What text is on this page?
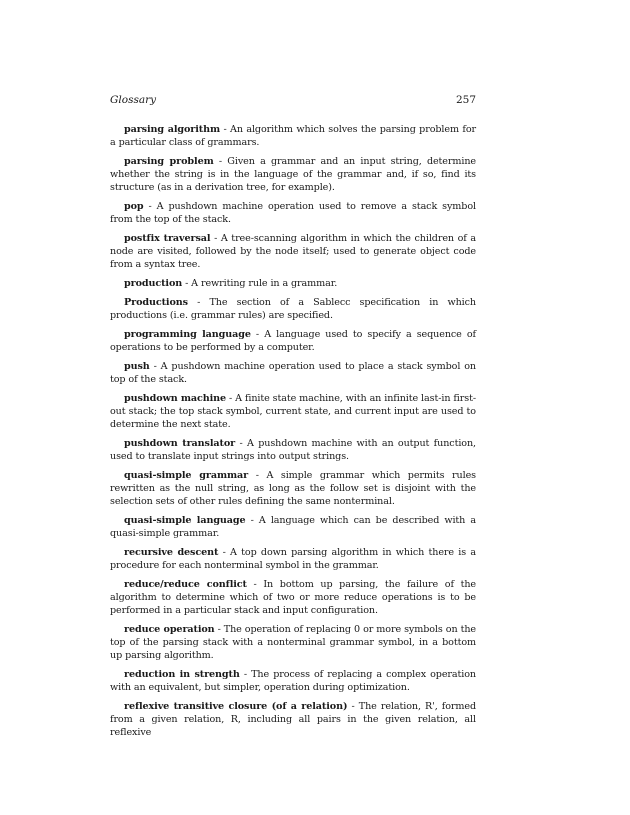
Glossary	257

parsing algorithm - An algorithm which solves the parsing problem for a particular class of grammars.

parsing problem - Given a grammar and an input string, determine whether the string is in the language of the grammar and, if so, find its structure (as in a derivation tree, for example).

pop - A pushdown machine operation used to remove a stack symbol from the top of the stack.

postfix traversal - A tree-scanning algorithm in which the children of a node are visited, followed by the node itself; used to generate object code from a syntax tree.

production - A rewriting rule in a grammar.

Productions - The section of a Sablecc specification in which productions (i.e. grammar rules) are specified.

programming language - A language used to specify a sequence of operations to be performed by a computer.

push - A pushdown machine operation used to place a stack symbol on top of the stack.

pushdown machine - A finite state machine, with an infinite last-in first-out stack; the top stack symbol, current state, and current input are used to determine the next state.

pushdown translator - A pushdown machine with an output function, used to translate input strings into output strings.

quasi-simple grammar - A simple grammar which permits rules rewritten as the null string, as long as the follow set is disjoint with the selection sets of other rules defining the same nonterminal.

quasi-simple language - A language which can be described with a quasi-simple grammar.

recursive descent - A top down parsing algorithm in which there is a procedure for each nonterminal symbol in the grammar.

reduce/reduce conflict - In bottom up parsing, the failure of the algorithm to determine which of two or more reduce operations is to be performed in a particular stack and input configuration.

reduce operation - The operation of replacing 0 or more symbols on the top of the parsing stack with a nonterminal grammar symbol, in a bottom up parsing algorithm.

reduction in strength - The process of replacing a complex operation with an equivalent, but simpler, operation during optimization.

reflexive transitive closure (of a relation) - The relation, R', formed from a given relation, R, including all pairs in the given relation, all reflexive
